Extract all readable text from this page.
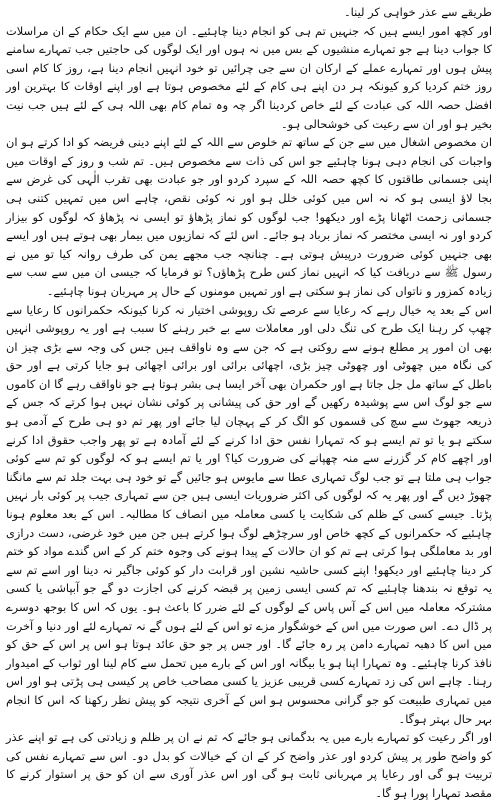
طریقے سے عذر خواہی کر لینا۔

اور کچھ امور ایسے ہیں کہ جنہیں تم ہی کو انجام دینا چاہئیے۔ ان میں سے ایک حکام کے ان مراسلات کا جواب دینا ہے جو تمہارے منشیوں کے بس میں نہ ہوں اور ایک لوگوں کی حاجتیں جب تمہارے سامنے پیش ہوں اور تمہارے عملے کے ارکان ان سے جی چرائیں تو خود انہیں انجام دینا ہے، روز کا کام اسی روز ختم کردیا کرو کیونکہ ہر دن اپنے ہی کام کے لئے مخصوص ہوتا ہے اور اپنے اوقات کا بہترین اور افضل حصہ اللہ کی عبادت کے لئے خاص کردینا اگر چہ وہ تمام کام بھی اللہ ہی کے لئے ہیں جب نیت بخیر ہو اور ان سے رعیت کی خوشحالی ہو۔

ان مخصوص اشغال میں سے جن کے ساتھ تم خلوص سے اللہ کے لئے اپنے دینی فریضہ کو ادا کرتے ہو ان واجبات کی انجام دہی ہونا چاہئیے جو اس کی ذات سے مخصوص ہیں۔ تم شب و روز کے اوقات میں اپنی جسمانی طاقتوں کا کچھ حصہ اللہ کے سپرد کردو اور جو عبادت بھی تقرب الٰہی کی غرض سے بجا لاؤ ایسی ہو کہ نہ اس میں کوئی خلل ہو اور نہ کوئی نقص، چاہے اس میں تمہیں کتنی ہی جسمانی زحمت اٹھانا پڑے اور دیکھو! جب لوگوں کو نماز پڑھاؤ تو ایسی نہ پڑھاؤ کہ لوگوں کو بیزار کردو اور نہ ایسی مختصر کہ نماز برباد ہو جائے۔ اس لئے کہ نمازیوں میں بیمار بھی ہوتے ہیں اور ایسے بھی جنہیں کوئی ضرورت درپیش ہوتی ہے۔ چنانچہ جب مجھے یمن کی طرف روانہ کیا تو میں نے رسول ﷺ سے دریافت کیا کہ انہیں نماز کس طرح پڑھاؤں؟ تو فرمایا کہ جیسی ان میں سے سب سے زیادہ کمزور و ناتواں کی نماز ہو سکتی ہے اور تمہیں مومنوں کے حال پر مہربان ہونا چاہئیے۔

اس کے بعد یہ خیال رہے کہ رعایا سے عرصے تک روپوشی اختیار نہ کرنا کیونکہ حکمرانوں کا رعایا سے چھپ کر رہنا ایک طرح کی تنگ دلی اور معاملات سے بے خبر رہنے کا سبب ہے اور یہ روپوشی انہیں بھی ان امور پر مطلع ہونے سے روکتی ہے کہ جن سے وہ ناواقف ہیں جس کی وجہ سے بڑی چیز ان کی نگاہ میں چھوٹی اور چھوٹی چیز بڑی، اچھائی برائی اور برائی اچھائی ہو جایا کرتی ہے اور حق باطل کے ساتھ مل جل جاتا ہے اور حکمران بھی آخر ایسا ہی بشر ہوتا ہے جو ناواقف رہے گا ان کاموں سے جو لوگ اس سے پوشیدہ رکھیں گے اور حق کی پیشانی پر کوئی نشان نہیں ہوا کرتے کہ جس کے ذریعہ جھوٹ سے سچ کی قسموں کو الگ کر کے پہچان لیا جائے اور پھر تم دو ہی طرح کے آدمی ہو سکتے ہو یا تو تم ایسے ہو کہ تمہارا نفس حق ادا کرنے کے لئے آمادہ ہے تو پھر واجب حقوق ادا کرنے اور اچھے کام کر گزرنے سے منہ چھپانے کی ضرورت کیا؟ اور یا تم ایسے ہو کہ لوگوں کو تم سے کوئی جواب ہی ملتا ہے تو جب لوگ تمہاری عطا سے مایوس ہو جائیں گے تو خود ہی بہت جلد تم سے مانگنا چھوڑ دیں گے اور پھر یہ کہ لوگوں کی اکثر ضروریات ایسی ہیں جن سے تمہاری جیب پر کوئی بار نہیں پڑتا۔ جیسے کسی کے ظلم کی شکایت یا کسی معاملہ میں انصاف کا مطالبہ۔ اس کے بعد معلوم ہونا چاہئیے کہ حکمرانوں کے کچھ خاص اور سرچڑھے لوگ ہوا کرتے ہیں جن میں خود غرضی، دست درازی اور بد معاملگی ہوا کرتی ہے تم کو ان حالات کے پیدا ہونے کی وجوہ ختم کر کے اس گندے مواد کو ختم کر دینا چاہئیے اور دیکھو! اپنے کسی حاشیہ نشین اور قرابت دار کو کوئی جاگیر نہ دینا اور اسے تم سے یہ توقع نہ بندھنا چاہئیے کہ تم کسی ایسی زمین پر قبضہ کرنے کی اجازت دو گے جو آبپاشی یا کسی مشترکہ معاملہ میں اس کے آس پاس کے لوگوں کے لئے ضرر کا باعث ہو۔ یوں کہ اس کا بوجھ دوسرے پر ڈال دے۔ اس صورت میں اس کے خوشگوار مزے تو اس کے لئے ہوں گے نہ تمہارے لئے اور دنیا و آخرت میں اس کا دھبہ تمہارے دامن پر رہ جائے گا۔ اور جس پر جو حق عائد ہوتا ہو اس پر اس کے حق کو نافذ کرنا چاہئیے۔ وہ تمہارا اپنا ہو یا بیگانہ اور اس کے بارے میں تحمل سے کام لینا اور ثواب کے امیدوار رہنا۔ چاہے اس کی زد تمہارے کسی قریبی عزیز یا کسی مصاحب خاص پر کیسی ہی پڑتی ہو اور اس میں تمہاری طبیعت کو جو گرانی محسوس ہو اس کے آخری نتیجہ کو پیش نظر رکھنا کہ اس کا انجام بہر حال بہتر ہوگا۔

اور اگر رعیت کو تمہارے بارے میں یہ بدگمانی ہو جائے کہ تم نے ان پر ظلم و زیادتی کی ہے تو اپنے عذر کو واضح طور پر پیش کردو اور عذر واضح کر کے ان کے خیالات کو بدل دو۔ اس سے تمہارے نفس کی تربیت ہو گی اور رعایا پر مہربانی ثابت ہو گی اور اس عذر آوری سے ان کو حق پر استوار کرنے کا مقصد تمہارا پورا ہو گا۔
